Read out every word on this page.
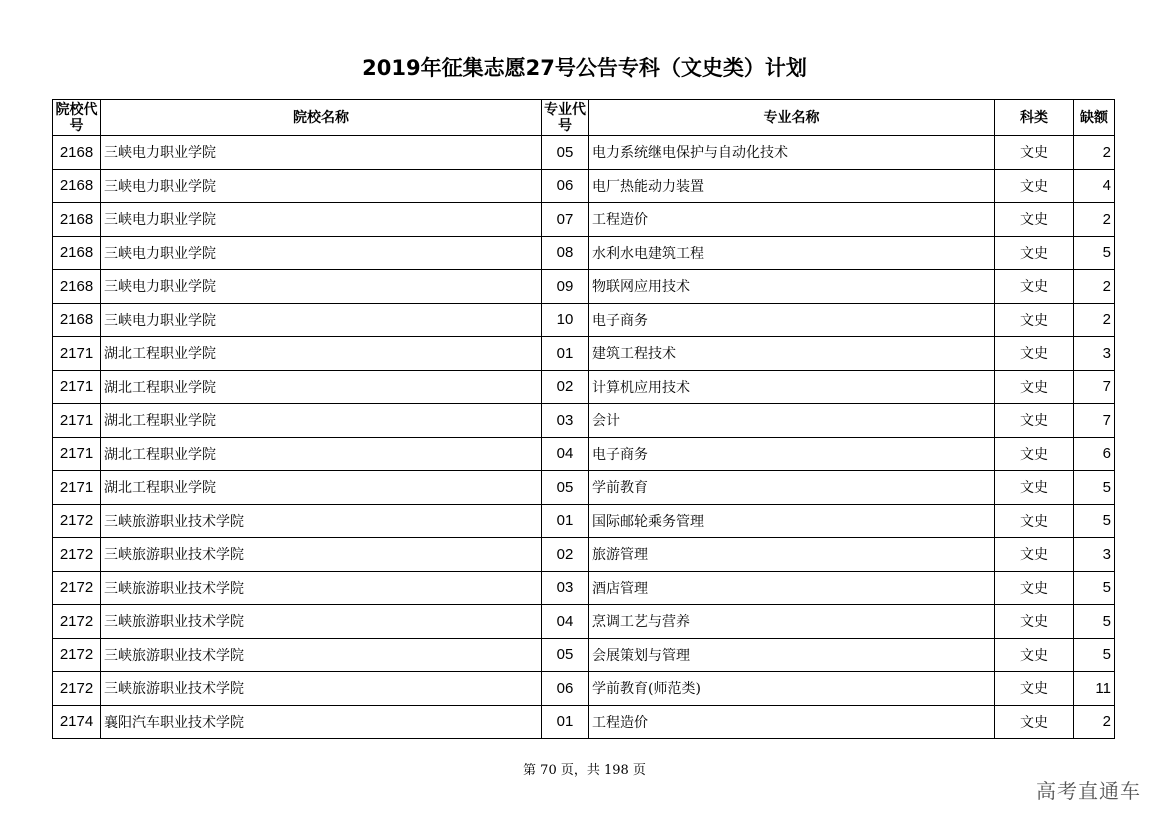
2019年征集志愿27号公告专科（文史类）计划
院校代号	院校名称	专业代号	专业名称	科类	缺额
2168	三峡电力职业学院	05	电力系统继电保护与自动化技术	文史	2
2168	三峡电力职业学院	06	电厂热能动力装置	文史	4
2168	三峡电力职业学院	07	工程造价	文史	2
2168	三峡电力职业学院	08	水利水电建筑工程	文史	5
2168	三峡电力职业学院	09	物联网应用技术	文史	2
2168	三峡电力职业学院	10	电子商务	文史	2
2171	湖北工程职业学院	01	建筑工程技术	文史	3
2171	湖北工程职业学院	02	计算机应用技术	文史	7
2171	湖北工程职业学院	03	会计	文史	7
2171	湖北工程职业学院	04	电子商务	文史	6
2171	湖北工程职业学院	05	学前教育	文史	5
2172	三峡旅游职业技术学院	01	国际邮轮乘务管理	文史	5
2172	三峡旅游职业技术学院	02	旅游管理	文史	3
2172	三峡旅游职业技术学院	03	酒店管理	文史	5
2172	三峡旅游职业技术学院	04	烹调工艺与营养	文史	5
2172	三峡旅游职业技术学院	05	会展策划与管理	文史	5
2172	三峡旅游职业技术学院	06	学前教育(师范类)	文史	11
2174	襄阳汽车职业技术学院	01	工程造价	文史	2
第 70 页，共 198 页
高考直通车
